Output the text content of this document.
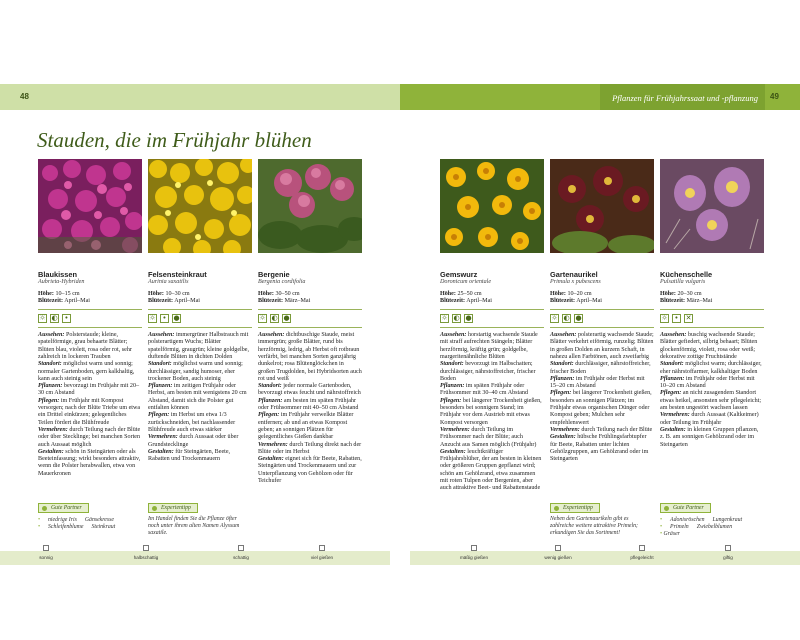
48	49
Pflanzen für Frühjahrssaat und -pflanzung
Stauden, die im Frühjahr blühen
Blaukissen
Aubrieta-Hybriden
Höhe: 10–15 cm
Blütezeit: April–Mai
☼ ◐ •
Aussehen: Polsterstaude; kleine, spatelförmige, grau behaarte Blätter; Blüten blau, violett, rosa oder rot, sehr zahlreich in lockeren Trauben
Standort: möglichst warm und sonnig; normaler Gartenboden, gern kalkhaltig, kann auch steinig sein
Pflanzen: bevorzugt im Frühjahr mit 20–30 cm Abstand
Pflegen: im Frühjahr mit Kompost versorgen; nach der Blüte Triebe um etwa ein Drittel einkürzen; gelegentliches Teilen fördert die Blühfreude
Vermehren: durch Teilung nach der Blüte oder über Stecklinge; bei manchen Sorten auch Aussaat möglich
Gestalten: schön in Steingärten oder als Beeteinfassung; wirkt besonders attraktiv, wenn die Polster herabwallen, etwa von Mauerkronen
Felsensteinkraut
Aurinia saxatilis
Höhe: 10–30 cm
Blütezeit: April–Mai
☼ • ●
Aussehen: immergrüner Halbstrauch mit polsterartigem Wuchs; Blätter spatelförmig, graugrün; kleine goldgelbe, duftende Blüten in dichten Dolden
Standort: möglichst warm und sonnig; durchlässiger, sandig humoser, eher trockener Boden, auch steinig
Pflanzen: im zeitigen Frühjahr oder Herbst, am besten mit wenigstens 20 cm Abstand, damit sich die Polster gut entfalten können
Pflegen: im Herbst um etwa 1/3 zurückschneiden, bei nachlassender Blühfreude auch etwas stärker
Vermehren: durch Aussaat oder über Grundstecklinge
Gestalten: für Steingärten, Beete, Rabatten und Trockenmauern
Bergenie
Bergenia cordifolia
Höhe: 30–50 cm
Blütezeit: März–Mai
☼ ◐ ●
Aussehen: dichtbuschige Staude, meist immergrün; große Blätter, rund bis herzförmig, ledrig, ab Herbst oft rotbraun verfärbt, bei manchen Sorten ganzjährig dunkelrot; rosa Blütenglöckchen in großen Trugdolden, bei Hybridsorten auch rot und weiß
Standort: jeder normale Gartenboden, bevorzugt etwas feucht und nährstoffreich
Pflanzen: am besten im späten Frühjahr oder Frühsommer mit 40–50 cm Abstand
Pflegen: im Frühjahr verwelkte Blätter entfernen; ab und an etwas Kompost geben; an sonnigen Plätzen für gelegentliches Gießen dankbar
Vermehren: durch Teilung direkt nach der Blüte oder im Herbst
Gestalten: eignet sich für Beete, Rabatten, Steingärten und Trockenmauern und zur Unterpflanzung von Gehölzen oder für Teichufer
Gemswurz
Doronicum orientale
Höhe: 25–50 cm
Blütezeit: April–Mai
☼ ◐ ●
Aussehen: horstartig wachsende Staude mit straff aufrechten Stängeln; Blätter herzförmig, kräftig grün; goldgelbe, margeritenähnliche Blüten
Standort: bevorzugt im Halbschatten; durchlässiger, nährstoffreicher, frischer Boden
Pflanzen: im späten Frühjahr oder Frühsommer mit 30–40 cm Abstand
Pflegen: bei längerer Trockenheit gießen, besonders bei sonnigem Stand; im Frühjahr vor dem Austrieb mit etwas Kompost versorgen
Vermehren: durch Teilung im Frühsommer nach der Blüte; auch Anzucht aus Samen möglich (Frühjahr)
Gestalten: leuchtkräftiger Frühjahrsblüher, der am besten in kleinen oder größeren Gruppen gepflanzt wird; schön am Gehölzrand, etwa zusammen mit roten Tulpen oder Bergenien, aber auch attraktive Beet- und Rabattenstaude
Gartenaurikel
Primula x pubescens
Höhe: 10–20 cm
Blütezeit: April–Mai
☼ ◐ ●
Aussehen: polsterartig wachsende Staude; Blätter verkehrt eiförmig, runzelig; Blüten in großen Dolden an kurzem Schaft, in nahezu allen Farbtönen, auch zweifarbig
Standort: durchlässiger, nährstoffreicher, frischer Boden
Pflanzen: im Frühjahr oder Herbst mit 15–20 cm Abstand
Pflegen: bei längerer Trockenheit gießen, besonders an sonnigen Plätzen; im Frühjahr etwas organischen Dünger oder Kompost geben; Mulchen sehr empfehlenswert
Vermehren: durch Teilung nach der Blüte
Gestalten: hübsche Frühlingsfarbtupfer für Beete, Rabatten unter lichten Gehölzgruppen, am Gehölzrand oder im Steingarten
Küchenschelle
Pulsatilla vulgaris
Höhe: 20–30 cm
Blütezeit: März–Mai
☼ •	✕
Aussehen: buschig wachsende Staude; Blätter gefiedert, silbrig behaart; Blüten glockenförmig, violett, rosa oder weiß; dekorative zottige Fruchtstände
Standort: möglichst warm; durchlässiger, eher nährstoffarmer, kalkhaltiger Boden
Pflanzen: im Frühjahr oder Herbst mit 10–20 cm Abstand
Pflegen: an nicht zusagendem Standort etwas heikel, ansonsten sehr pflegeleicht; am besten ungestört wachsen lassen
Vermehren: durch Aussaat (Kaltkeimer) oder Teilung im Frühjahr
Gestalten: in kleinen Gruppen pflanzen, z. B. am sonnigen Gehölzrand oder im Steingarten
Gute Partner
• niedrige Iris Gänsekresse
• Schleifenblume Steinkraut
Expertentipp
Im Handel finden Sie die Pflanze öfter noch unter ihrem alten Namen Alyssum saxatile.
Expertentipp
Neben den Gartenaurikeln gibt es zahlreiche weitere attraktive Primeln; erkundigen Sie das Sortiment!
Gute Partner
• Adonisröschen Lungenkraut
• Primeln Zwiebelblumen
• Gräser
sonnig	halbschattig	schattig	viel gießen	mäßig gießen	wenig gießen	pflegeleicht	giftig
